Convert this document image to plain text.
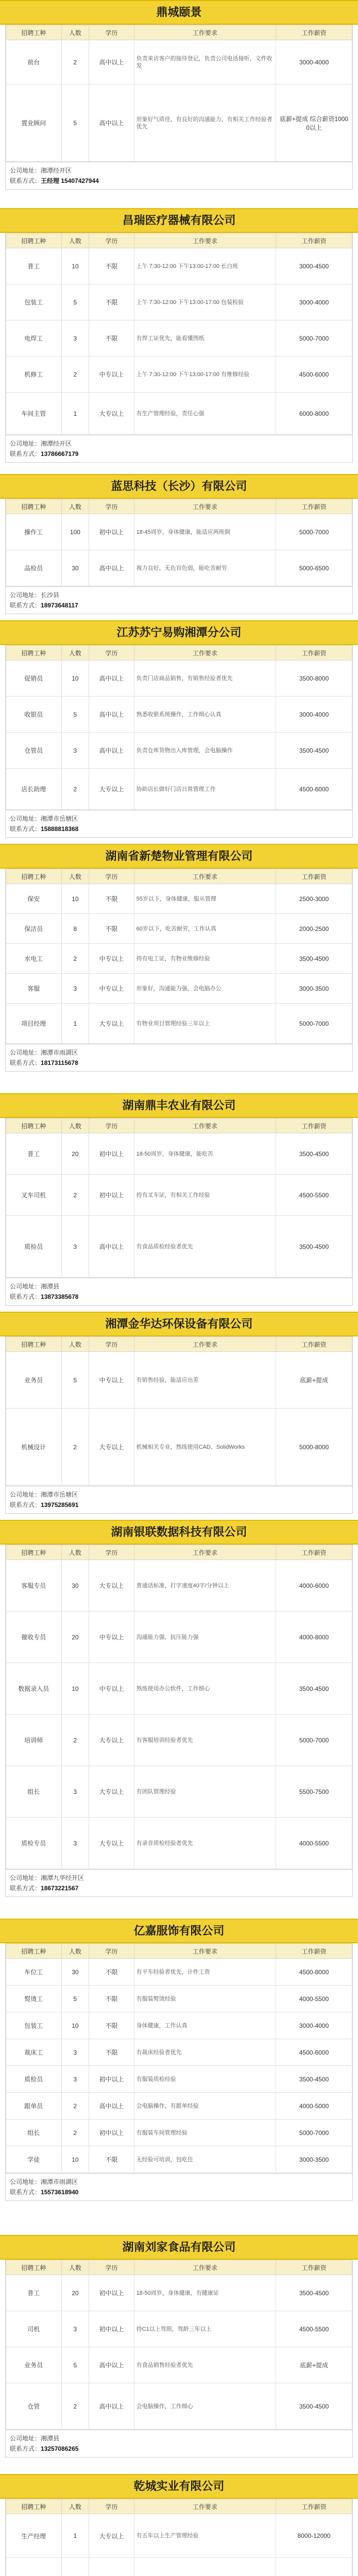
鼎城颐景
招聘工种	人数	学历	工作要求	工作薪资
前台	2	高中以上	负责来访客户的接待登记，负责公司电话接听，文件收发	3000-4000
置业顾问	5	高中以上	形象好气质佳，有良好的沟通能力，有相关工作经验者优先	底薪+提成 综合薪资10000以上
公司地址：湘潭经开区
联系方式：王经理 15407427944
昌瑞医疗器械有限公司
招聘工种	人数	学历	工作要求	工作薪资
普工	10	不限	上午 7:30-12:00 下午13:00-17:00 长白班	3000-4500
包装工	5	不限	上午 7:30-12:00 下午13:00-17:00 包装检验	3000-4000
电焊工	3	不限	有焊工证优先，能看懂图纸	5000-7000
机修工	2	中专以上	上午 7:30-12:00 下午13:00-17:00 有维修经验	4500-6000
车间主管	1	大专以上	有生产管理经验，责任心强	6000-8000
公司地址：湘潭经开区
联系方式：13786667179
蓝思科技（长沙）有限公司
招聘工种	人数	学历	工作要求	工作薪资
操作工	100	初中以上	18-45周岁，身体健康，能适应两班倒	5000-7000
品检员	30	高中以上	视力良好，无色盲色弱，能吃苦耐劳	5000-6500
公司地址：长沙县
联系方式：18973648117
江苏苏宁易购湘潭分公司
招聘工种	人数	学历	工作要求	工作薪资
促销员	10	高中以上	负责门店商品销售，有销售经验者优先	3500-8000
收银员	5	高中以上	熟悉收银系统操作，工作细心认真	3000-4000
仓管员	3	高中以上	负责仓库货物出入库管理，会电脑操作	3500-4500
店长助理	2	大专以上	协助店长做好门店日常管理工作	4500-6000
公司地址：湘潭市岳塘区
联系方式：15888818368
湖南省新楚物业管理有限公司
招聘工种	人数	学历	工作要求	工作薪资
保安	10	不限	55岁以下，身体健康，服从管理	2500-3000
保洁员	8	不限	60岁以下，吃苦耐劳，工作认真	2000-2500
水电工	2	中专以上	持有电工证，有物业维修经验	3500-4500
客服	3	中专以上	形象好，沟通能力强，会电脑办公	3000-3500
项目经理	1	大专以上	有物业项目管理经验三年以上	5000-7000
公司地址：湘潭市雨湖区
联系方式：18173115678
湖南鼎丰农业有限公司
招聘工种	人数	学历	工作要求	工作薪资
普工	20	初中以上	18-50周岁，身体健康，能吃苦	3500-4500
叉车司机	2	初中以上	持有叉车证，有相关工作经验	4500-5500
质检员	3	高中以上	有食品质检经验者优先	3500-4500
公司地址：湘潭县
联系方式：13873385678
湘潭金华达环保设备有限公司
招聘工种	人数	学历	工作要求	工作薪资
业务员	5	中专以上	有销售经验，能适应出差	底薪+提成
机械设计	2	大专以上	机械相关专业，熟练使用CAD、SolidWorks	5000-8000
公司地址：湘潭市岳塘区
联系方式：13975285691
湖南银联数据科技有限公司
招聘工种	人数	学历	工作要求	工作薪资
客服专员	30	大专以上	普通话标准，打字速度40字/分钟以上	4000-6000
催收专员	20	中专以上	沟通能力强，抗压能力强	4000-8000
数据录入员	10	中专以上	熟练使用办公软件，工作细心	3500-4500
培训师	2	大专以上	有客服培训经验者优先	5000-7000
组长	3	大专以上	有团队管理经验	5500-7500
质检专员	3	大专以上	有录音质检经验者优先	4000-5500
公司地址：湘潭九华经开区
联系方式：18673221567
亿嘉服饰有限公司
招聘工种	人数	学历	工作要求	工作薪资
车位工	30	不限	有平车经验者优先，计件工资	4500-8000
熨烫工	5	不限	有服装熨烫经验	4000-5500
包装工	10	不限	身体健康，工作认真	3000-4000
裁床工	3	不限	有裁床经验者优先	4500-6000
质检员	3	初中以上	有服装质检经验	3500-4500
跟单员	2	高中以上	会电脑操作，有跟单经验	4000-5000
组长	2	初中以上	有服装车间管理经验	5000-7000
学徒	10	不限	无经验可培训，包吃住	3000-3500
公司地址：湘潭市雨湖区
联系方式：15573618940
湖南刘家食品有限公司
招聘工种	人数	学历	工作要求	工作薪资
普工	20	初中以上	18-50周岁，身体健康，有健康证	3500-4500
司机	3	初中以上	持C1以上驾照，驾龄三年以上	4500-5500
业务员	5	高中以上	有食品销售经验者优先	底薪+提成
仓管	2	高中以上	会电脑操作，工作细心	3500-4500
公司地址：湘潭县
联系方式：13257086265
乾城实业有限公司
招聘工种	人数	学历	工作要求	工作薪资
生产经理	1	大专以上	有五年以上生产管理经验	8000-12000
